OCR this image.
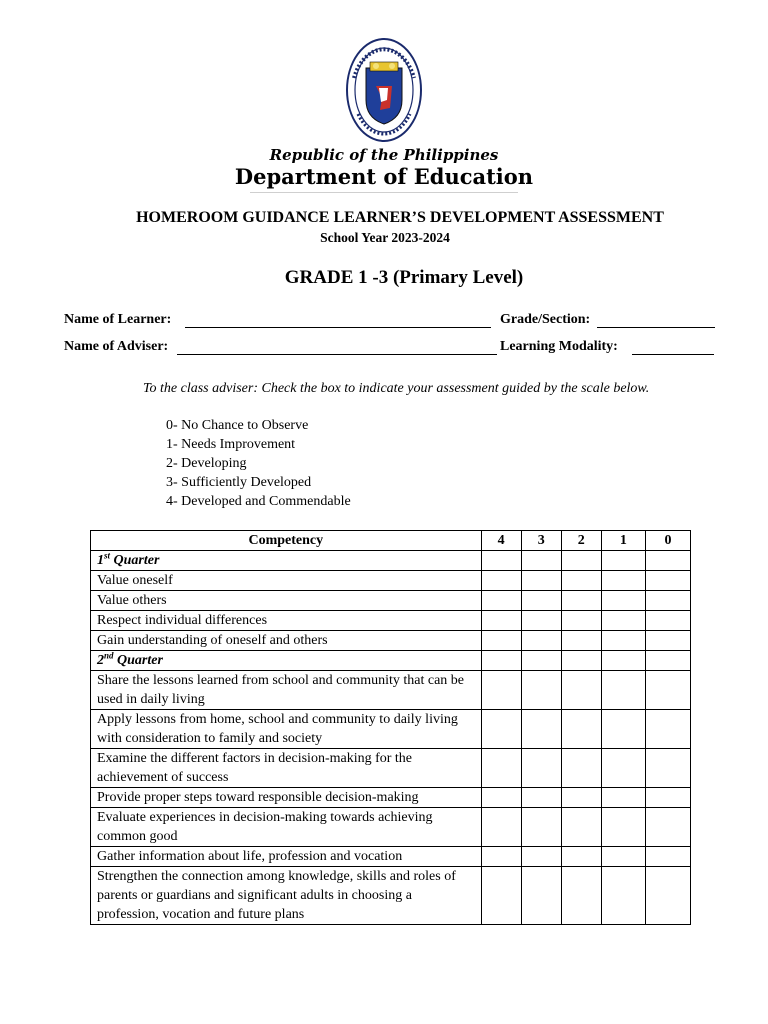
Republic of the Philippines
Department of Education
HOMEROOM GUIDANCE LEARNER’S DEVELOPMENT ASSESSMENT
School Year 2023-2024
GRADE 1 -3 (Primary Level)
Name of Learner:	Grade/Section:
Name of Adviser:	Learning Modality:
To the class adviser: Check the box to indicate your assessment guided by the scale below.
0- No Chance to Observe
1- Needs Improvement
2- Developing
3- Sufficiently Developed
4- Developed and Commendable
Competency	4	3	2	1	0
1st Quarter					
Value oneself					
Value others					
Respect individual differences					
Gain understanding of oneself and others					
2nd Quarter					
Share the lessons learned from school and community that can be used in daily living					
Apply lessons from home, school and community to daily living with consideration to family and society					
Examine the different factors in decision-making for the achievement of success					
Provide proper steps toward responsible decision-making					
Evaluate experiences in decision-making towards achieving common good					
Gather information about life, profession and vocation					
Strengthen the connection among knowledge, skills and roles of parents or guardians and significant adults in choosing a profession, vocation and future plans					
